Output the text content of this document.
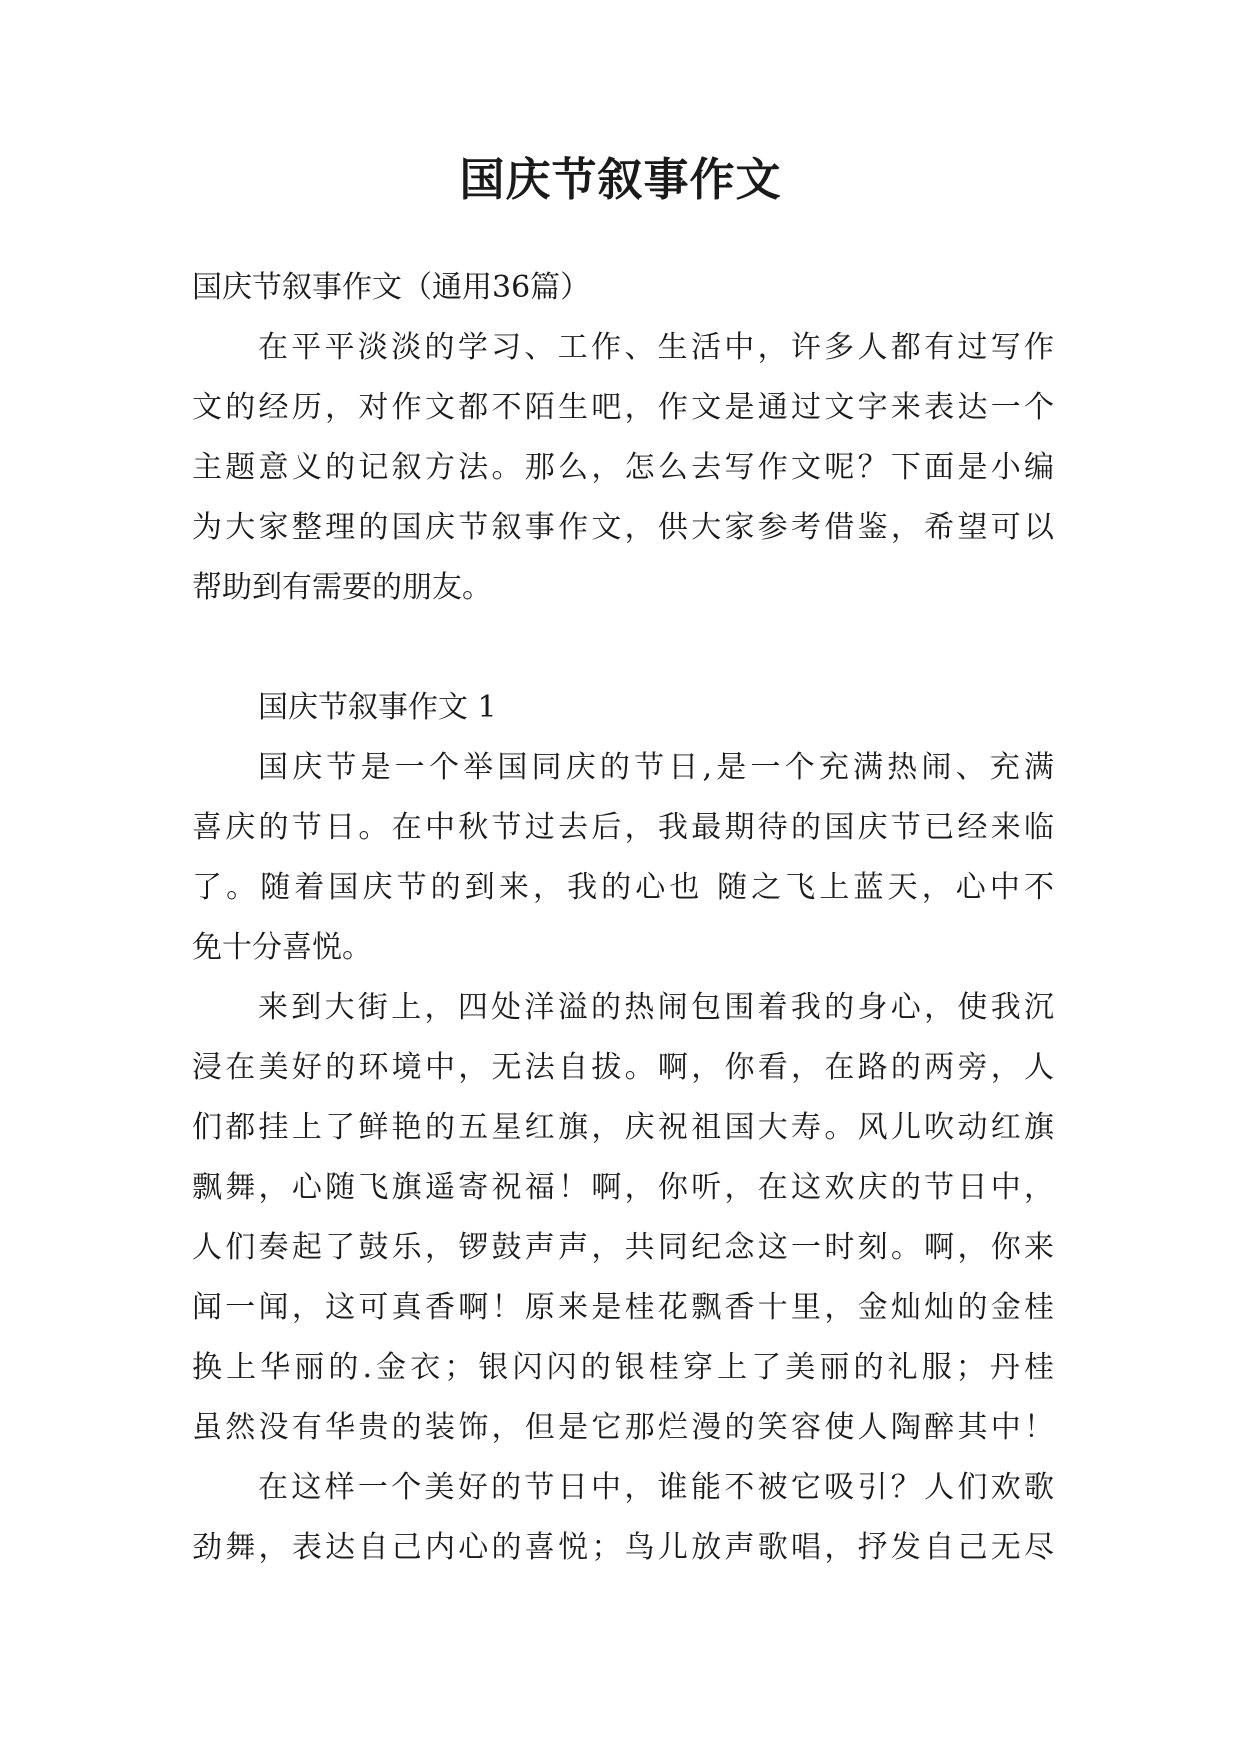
国庆节叙事作文

国庆节叙事作文（通用36篇）

在平平淡淡的学习、工作、生活中，许多人都有过写作

文的经历，对作文都不陌生吧，作文是通过文字来表达一个

主题意义的记叙方法。那么，怎么去写作文呢？下面是小编

为大家整理的国庆节叙事作文，供大家参考借鉴，希望可以

帮助到有需要的朋友。

国庆节叙事作文 1

国庆节是一个举国同庆的节日,是一个充满热闹、充满

喜庆的节日。在中秋节过去后，我最期待的国庆节已经来临

了。随着国庆节的到来，我的心也 随之飞上蓝天，心中不

免十分喜悦。

来到大街上，四处洋溢的热闹包围着我的身心，使我沉

浸在美好的环境中，无法自拔。啊，你看，在路的两旁，人

们都挂上了鲜艳的五星红旗，庆祝祖国大寿。风儿吹动红旗

飘舞，心随飞旗遥寄祝福！啊，你听，在这欢庆的节日中，

人们奏起了鼓乐，锣鼓声声，共同纪念这一时刻。啊，你来

闻一闻，这可真香啊！原来是桂花飘香十里，金灿灿的金桂

换上华丽的.金衣；银闪闪的银桂穿上了美丽的礼服；丹桂

虽然没有华贵的装饰，但是它那烂漫的笑容使人陶醉其中！

在这样一个美好的节日中，谁能不被它吸引？人们欢歌

劲舞，表达自己内心的喜悦；鸟儿放声歌唱，抒发自己无尽
